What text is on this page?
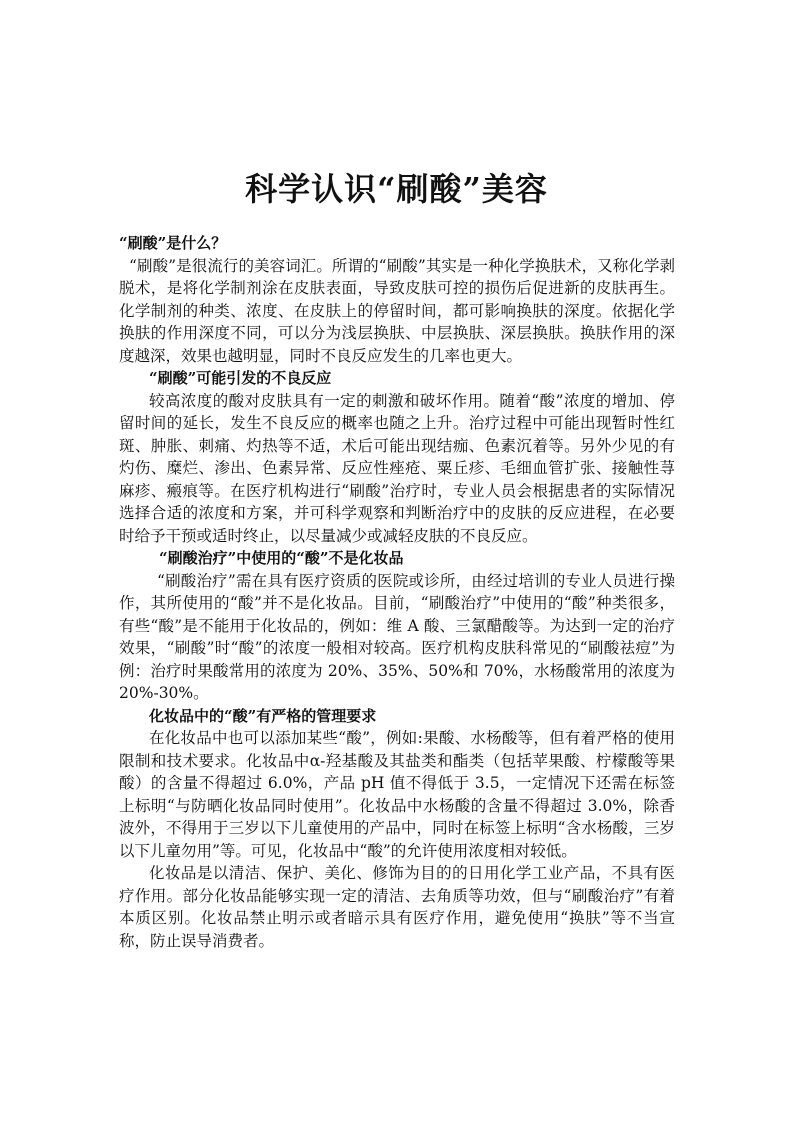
科学认识“刷酸”美容
“刷酸”是什么？

“刷酸”是很流行的美容词汇。所谓的“刷酸”其实是一种化学换肤术，又称化学剥脱术，是将化学制剂涂在皮肤表面，导致皮肤可控的损伤后促进新的皮肤再生。化学制剂的种类、浓度、在皮肤上的停留时间，都可影响换肤的深度。依据化学换肤的作用深度不同，可以分为浅层换肤、中层换肤、深层换肤。换肤作用的深度越深，效果也越明显，同时不良反应发生的几率也更大。

“刷酸”可能引发的不良反应

较高浓度的酸对皮肤具有一定的刺激和破坏作用。随着“酸”浓度的增加、停留时间的延长，发生不良反应的概率也随之上升。治疗过程中可能出现暂时性红斑、肿胀、刺痛、灼热等不适，术后可能出现结痂、色素沉着等。另外少见的有灼伤、糜烂、渗出、色素异常、反应性痤疮、粟丘疹、毛细血管扩张、接触性荨麻疹、瘢痕等。在医疗机构进行“刷酸”治疗时，专业人员会根据患者的实际情况选择合适的浓度和方案，并可科学观察和判断治疗中的皮肤的反应进程，在必要时给予干预或适时终止，以尽量减少或减轻皮肤的不良反应。

“刷酸治疗”中使用的“酸”不是化妆品

“刷酸治疗”需在具有医疗资质的医院或诊所，由经过培训的专业人员进行操作，其所使用的“酸”并不是化妆品。目前，“刷酸治疗”中使用的“酸”种类很多，有些“酸”是不能用于化妆品的，例如：维 A 酸、三氯醋酸等。为达到一定的治疗效果，“刷酸”时“酸”的浓度一般相对较高。医疗机构皮肤科常见的“刷酸祛痘”为例：治疗时果酸常用的浓度为 20%、35%、50%和 70%，水杨酸常用的浓度为 20%-30%。

化妆品中的“酸”有严格的管理要求

在化妆品中也可以添加某些“酸”，例如:果酸、水杨酸等，但有着严格的使用限制和技术要求。化妆品中α-羟基酸及其盐类和酯类（包括苹果酸、柠檬酸等果酸）的含量不得超过 6.0%，产品 pH 值不得低于 3.5，一定情况下还需在标签上标明“与防晒化妆品同时使用”。化妆品中水杨酸的含量不得超过 3.0%，除香波外，不得用于三岁以下儿童使用的产品中，同时在标签上标明“含水杨酸，三岁以下儿童勿用”等。可见，化妆品中“酸”的允许使用浓度相对较低。

化妆品是以清洁、保护、美化、修饰为目的的日用化学工业产品，不具有医疗作用。部分化妆品能够实现一定的清洁、去角质等功效，但与“刷酸治疗”有着本质区别。化妆品禁止明示或者暗示具有医疗作用，避免使用“换肤”等不当宣称，防止误导消费者。
